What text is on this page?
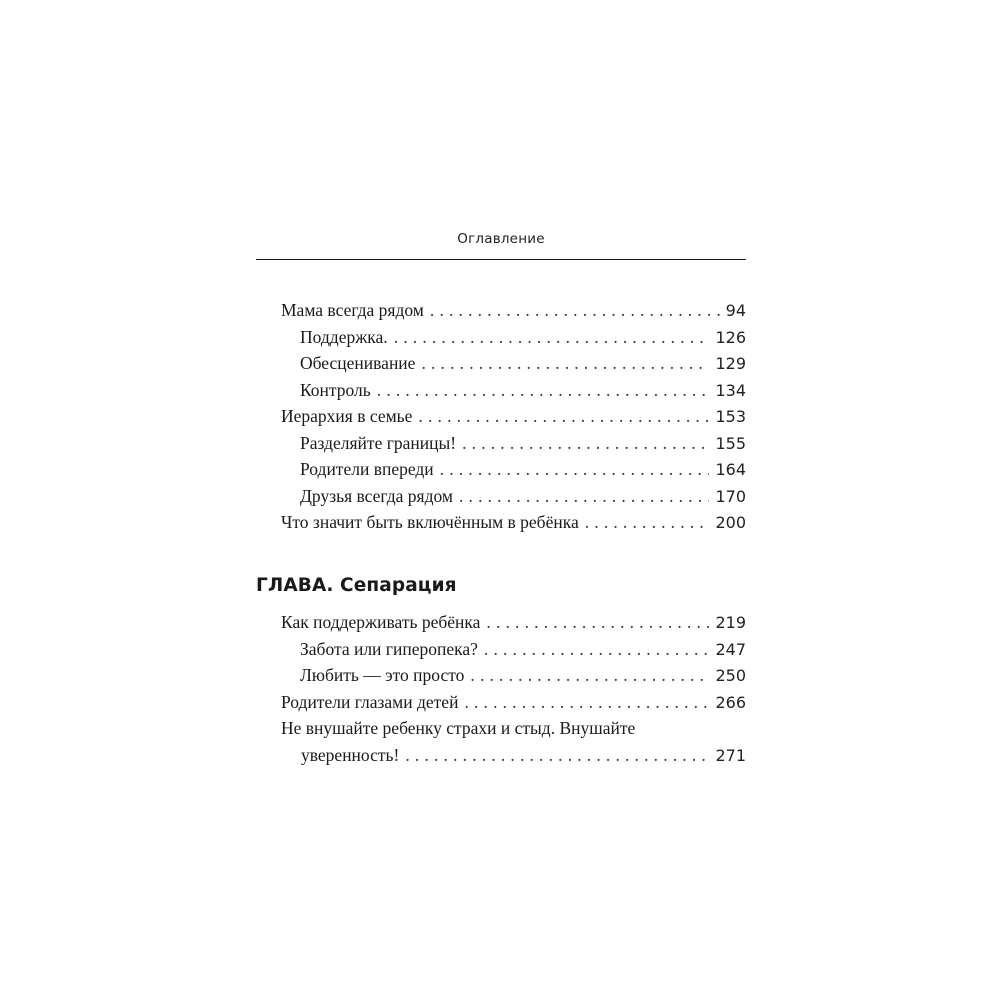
Оглавление
Мама всегда рядом . . .	94
Поддержка. . . .	126
Обесценивание . . .	129
Контроль . . .	134
Иерархия в семье . . .	153
Разделяйте границы! . . .	155
Родители впереди . . .	164
Друзья всегда рядом . . .	170
Что значит быть включённым в ребёнка . . .	200
ГЛАВА. Сепарация
Как поддерживать ребёнка . . .	219
Забота или гиперопека? . . .	247
Любить — это просто . . .	250
Родители глазами детей . . .	266
Не внушайте ребенку страхи и стыд. Внушайте
уверенность! . . .	271
